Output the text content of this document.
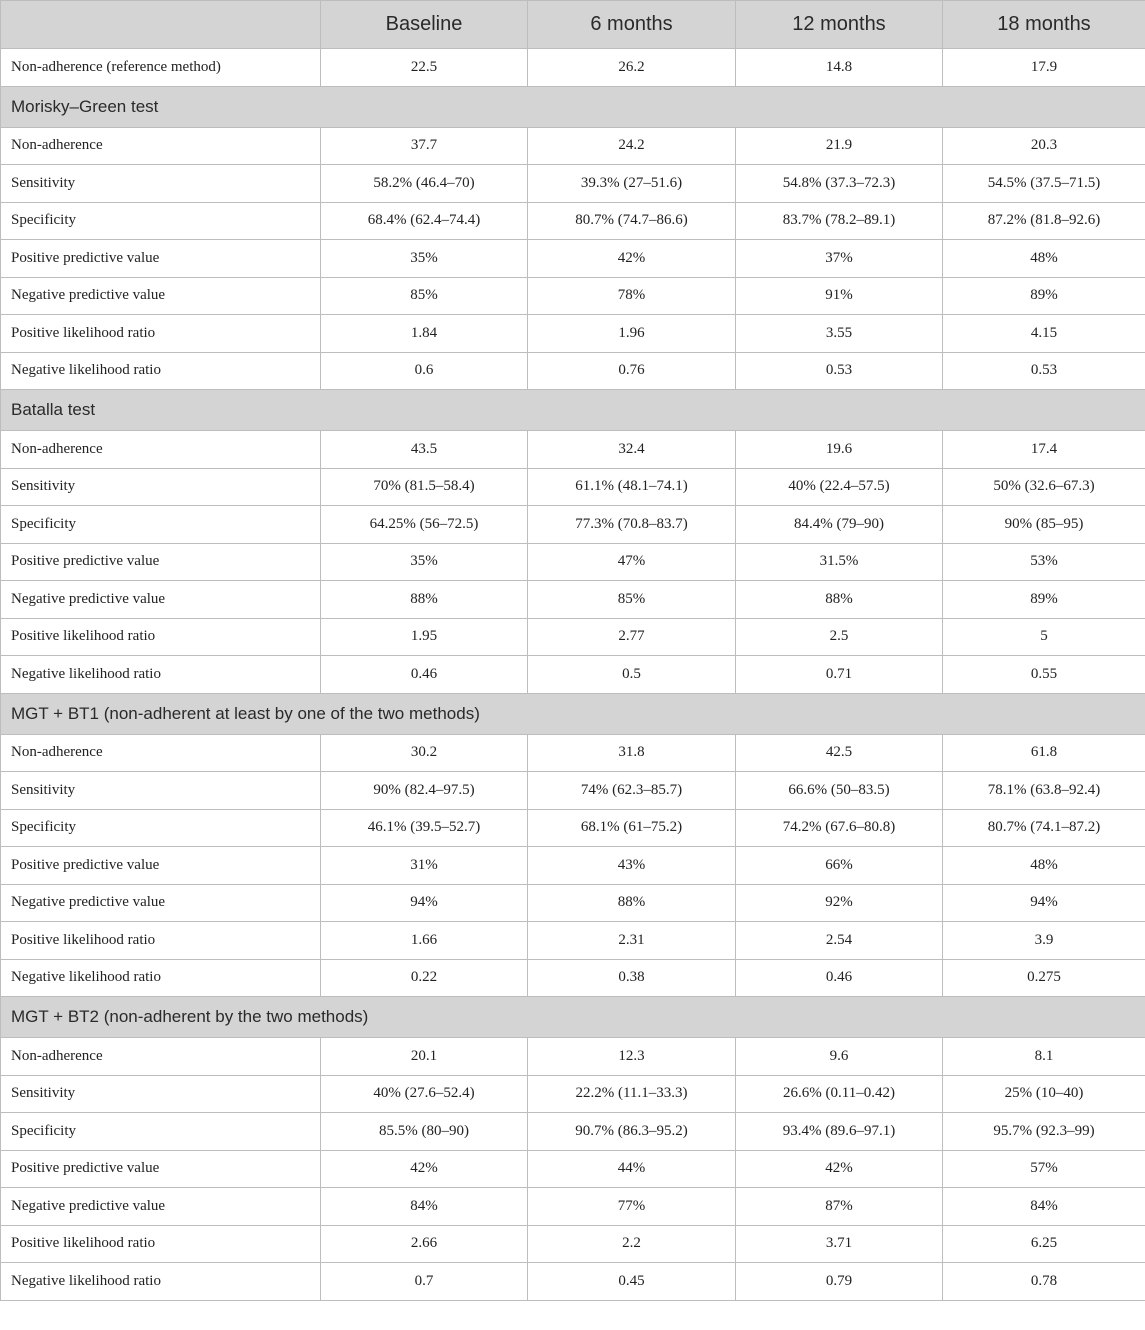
	Baseline	6 months	12 months	18 months
Non-adherence (reference method)	22.5	26.2	14.8	17.9
Morisky–Green test				
Non-adherence	37.7	24.2	21.9	20.3
Sensitivity	58.2% (46.4–70)	39.3% (27–51.6)	54.8% (37.3–72.3)	54.5% (37.5–71.5)
Specificity	68.4% (62.4–74.4)	80.7% (74.7–86.6)	83.7% (78.2–89.1)	87.2% (81.8–92.6)
Positive predictive value	35%	42%	37%	48%
Negative predictive value	85%	78%	91%	89%
Positive likelihood ratio	1.84	1.96	3.55	4.15
Negative likelihood ratio	0.6	0.76	0.53	0.53
Batalla test				
Non-adherence	43.5	32.4	19.6	17.4
Sensitivity	70% (81.5–58.4)	61.1% (48.1–74.1)	40% (22.4–57.5)	50% (32.6–67.3)
Specificity	64.25% (56–72.5)	77.3% (70.8–83.7)	84.4% (79–90)	90% (85–95)
Positive predictive value	35%	47%	31.5%	53%
Negative predictive value	88%	85%	88%	89%
Positive likelihood ratio	1.95	2.77	2.5	5
Negative likelihood ratio	0.46	0.5	0.71	0.55
MGT + BT1 (non-adherent at least by one of the two methods)				
Non-adherence	30.2	31.8	42.5	61.8
Sensitivity	90% (82.4–97.5)	74% (62.3–85.7)	66.6% (50–83.5)	78.1% (63.8–92.4)
Specificity	46.1% (39.5–52.7)	68.1% (61–75.2)	74.2% (67.6–80.8)	80.7% (74.1–87.2)
Positive predictive value	31%	43%	66%	48%
Negative predictive value	94%	88%	92%	94%
Positive likelihood ratio	1.66	2.31	2.54	3.9
Negative likelihood ratio	0.22	0.38	0.46	0.275
MGT + BT2 (non-adherent by the two methods)				
Non-adherence	20.1	12.3	9.6	8.1
Sensitivity	40% (27.6–52.4)	22.2% (11.1–33.3)	26.6% (0.11–0.42)	25% (10–40)
Specificity	85.5% (80–90)	90.7% (86.3–95.2)	93.4% (89.6–97.1)	95.7% (92.3–99)
Positive predictive value	42%	44%	42%	57%
Negative predictive value	84%	77%	87%	84%
Positive likelihood ratio	2.66	2.2	3.71	6.25
Negative likelihood ratio	0.7	0.45	0.79	0.78
